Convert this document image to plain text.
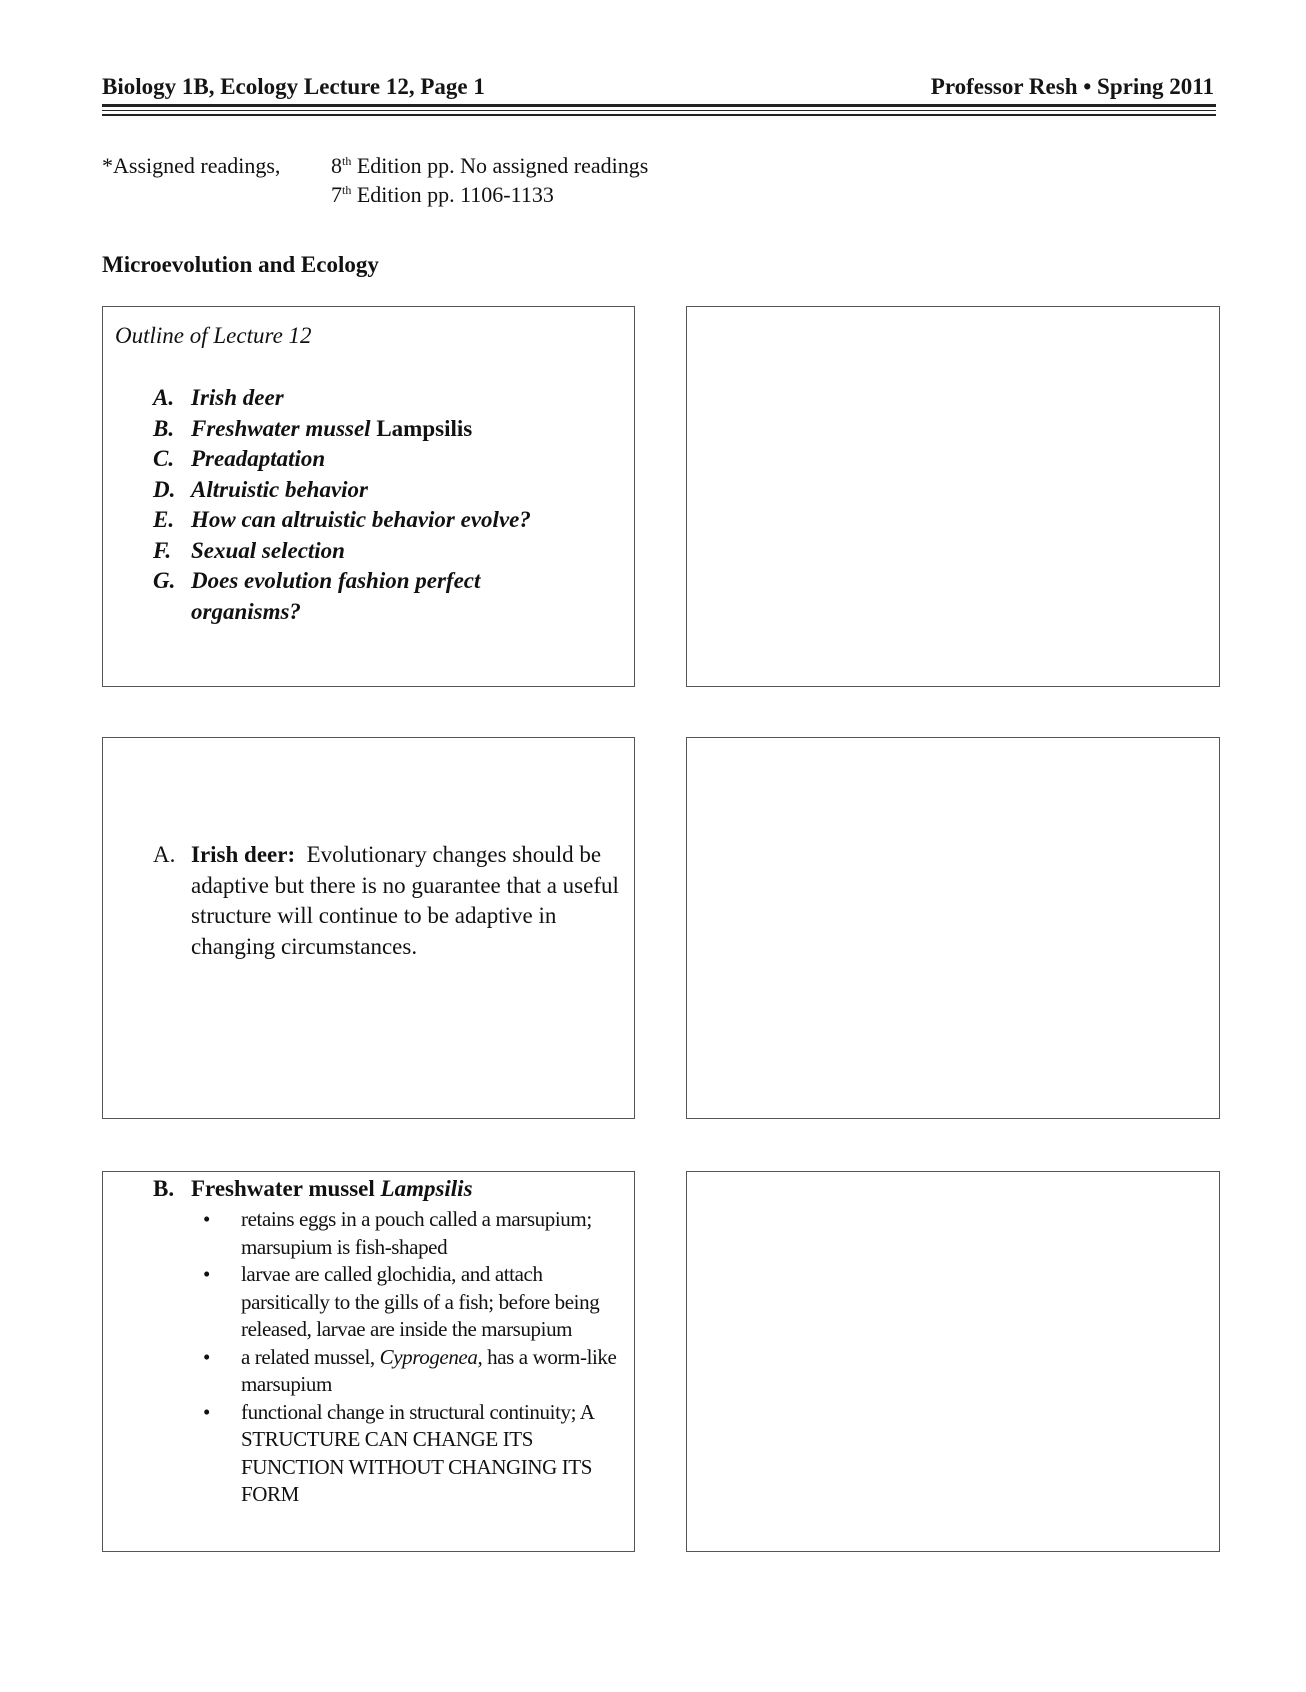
Biology 1B, Ecology Lecture 12, Page 1	Professor Resh • Spring 2011
*Assigned readings, 8th Edition pp. No assigned readings
7th Edition pp. 1106-1133
Microevolution and Ecology
Outline of Lecture 12
A. Irish deer
B. Freshwater mussel Lampsilis
C. Preadaptation
D. Altruistic behavior
E. How can altruistic behavior evolve?
F. Sexual selection
G. Does evolution fashion perfect
organisms?
A. Irish deer: Evolutionary changes should be adaptive but there is no guarantee that a useful structure will continue to be adaptive in changing circumstances.
B. Freshwater mussel Lampsilis
• retains eggs in a pouch called a marsupium; marsupium is fish-shaped
• larvae are called glochidia, and attach parsitically to the gills of a fish; before being released, larvae are inside the marsupium
• a related mussel, Cyprogenea, has a worm-like marsupium
• functional change in structural continuity; A STRUCTURE CAN CHANGE ITS FUNCTION WITHOUT CHANGING ITS FORM
